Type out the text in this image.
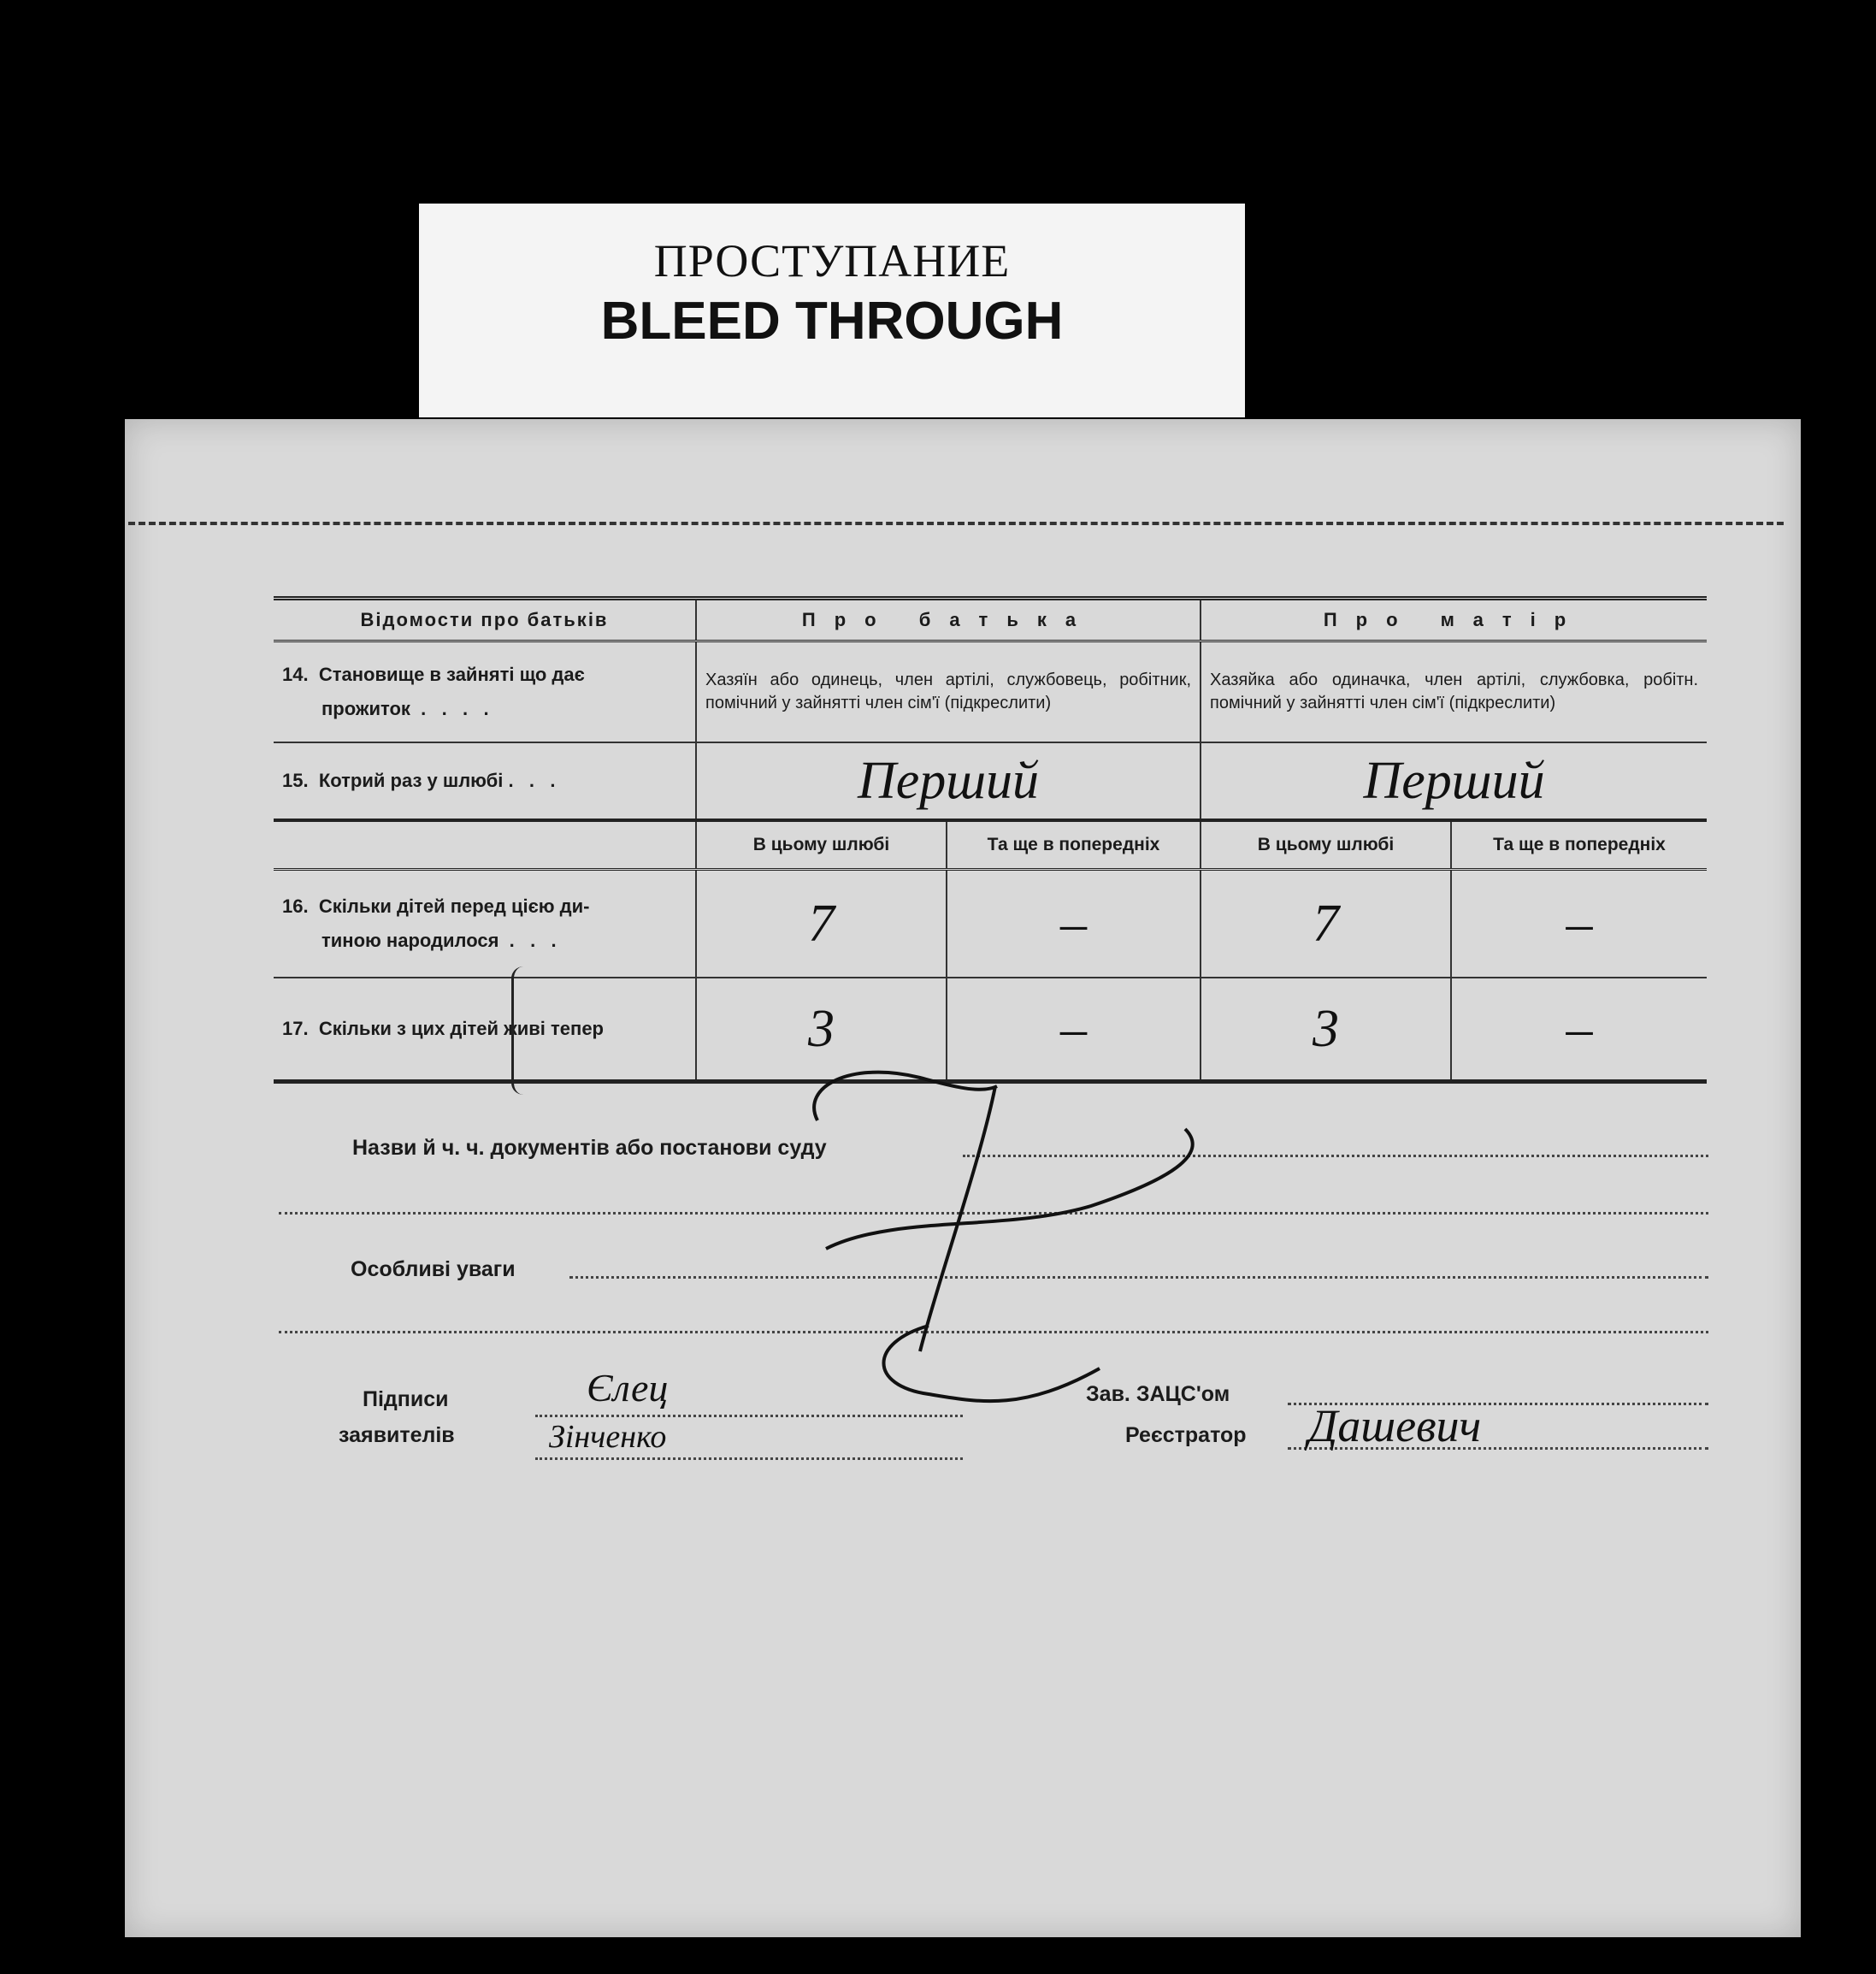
ПРОСТУПАНИЕ
BLEED THROUGH
Відомости про батьків	Про батька		Про матір	

14. Становище в зайняті що дає
прожиток  .   .   .   .	Хазяїн або одинець, член артілі, службовець, робітник, помічний у зайнятті член сім'ї (підкреслити)		Хазяйка або одиначка, член артілі, службовка, робітн. помічний у зайнятті член сім'ї (підкреслити)	
15. Котрий раз у шлюбі .   .   .	Перший		Перший	
	В цьому шлюбі	Та ще в попередніх	В цьому шлюбі	Та ще в попередніх

16. Скільки дітей перед цією ди-
тиною народилося  .   .   .	7	–	7	–
17. Скільки з цих дітей живі тепер	3	–	3	–
Назви й ч. ч. документів або постанови суду
Особливі уваги
Підписи
заявителів
Єлец
Зінченко
Зав. ЗАЦС'ом
Реєстратор Дашевич
